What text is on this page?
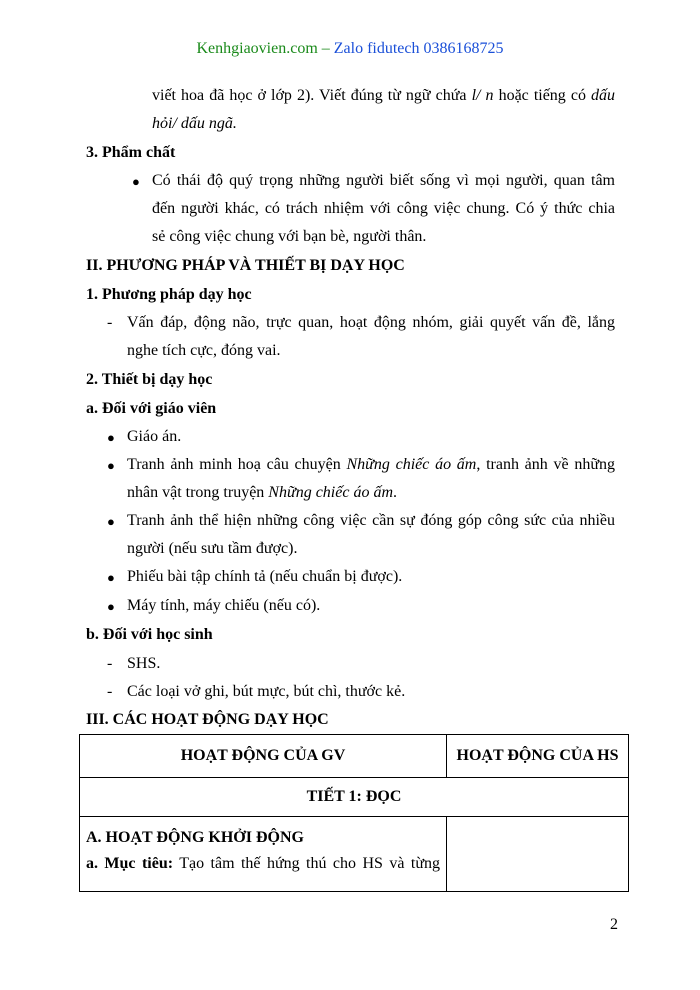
Kenhgiaovien.com – Zalo fidutech 0386168725
viết hoa đã học ở lớp 2). Viết đúng từ ngữ chứa l/ n hoặc tiếng có dấu
hỏi/ dấu ngã.
3. Phẩm chất
● Có thái độ quý trọng những người biết sống vì mọi người, quan tâm
đến người khác, có trách nhiệm với công việc chung. Có ý thức chia
sẻ công việc chung với bạn bè, người thân.
II. PHƯƠNG PHÁP VÀ THIẾT BỊ DẠY HỌC
1. Phương pháp dạy học
- Vấn đáp, động não, trực quan, hoạt động nhóm, giải quyết vấn đề, lắng
nghe tích cực, đóng vai.
2. Thiết bị dạy học
a. Đối với giáo viên
● Giáo án.
● Tranh ảnh minh hoạ câu chuyện Những chiếc áo ấm, tranh ảnh về những
nhân vật trong truyện Những chiếc áo ấm.
● Tranh ảnh thể hiện những công việc cần sự đóng góp công sức của nhiều
người (nếu sưu tầm được).
● Phiếu bài tập chính tả (nếu chuẩn bị được).
● Máy tính, máy chiếu (nếu có).
b. Đối với học sinh
- SHS.
- Các loại vở ghi, bút mực, bút chì, thước kẻ.
III. CÁC HOẠT ĐỘNG DẠY HỌC
HOẠT ĐỘNG CỦA GV	HOẠT ĐỘNG CỦA HS
TIẾT 1: ĐỌC	

A. HOẠT ĐỘNG KHỞI ĐỘNG
a. Mục tiêu: Tạo tâm thế hứng thú cho HS và từng	

2
